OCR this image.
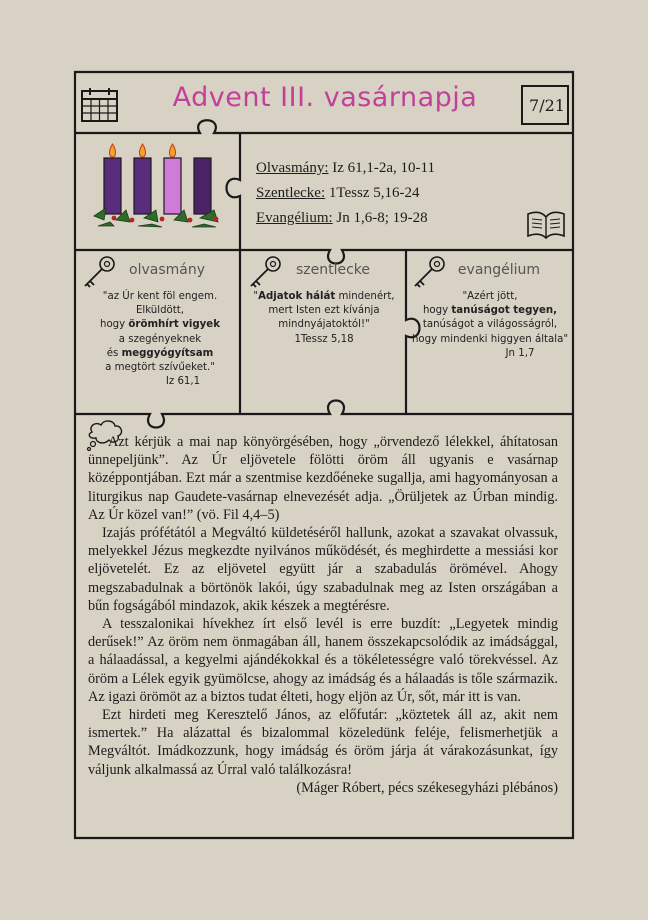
Advent III. vasárnapja	7/21
Olvasmány: Iz 61,1-2a, 10-11
Szentlecke: 1Tessz 5,16-24
Evangélium: Jn 1,6-8; 19-28
olvasmány	szentlecke	evangélium
"az Úr kent föl engem.
Elküldött,
hogy örömhírt vigyek
a szegényeknek
és meggyógyítsam
a megtört szívűeket."
Iz 61,1
"Adjatok hálát mindenért,
mert Isten ezt kívánja
mindnyájatoktól!"
1Tessz 5,18
"Azért jött,
hogy tanúságot tegyen,
tanúságot a világosságról,
hogy mindenki higgyen általa"
Jn 1,7

Azt kérjük a mai nap könyörgésében, hogy „örvendező lélekkel, áhítatosan ünnepeljünk”. Az Úr eljövetele fölötti öröm áll ugyanis e vasárnap középpontjában. Ezt már a szentmise kezdőéneke sugallja, ami hagyományosan a liturgikus nap Gaudete-vasárnap elnevezését adja. „Örüljetek az Úrban mindig. Az Úr közel van!” (vö. Fil 4,4–5)

Izajás prófétától a Megváltó küldetéséről hallunk, azokat a szavakat olvassuk, melyekkel Jézus megkezdte nyilvános működését, és meghirdette a messiási kor eljövetelét. Ez az eljövetel együtt jár a szabadulás örömével. Ahogy megszabadulnak a börtönök lakói, úgy szabadulnak meg az Isten országában a bűn fogságából mindazok, akik készek a megtérésre.

A tesszalonikai hívekhez írt első levél is erre buzdít: „Legyetek mindig derűsek!” Az öröm nem önmagában áll, hanem összekapcsolódik az imádsággal, a hálaadással, a kegyelmi ajándékokkal és a tökéletességre való törekvéssel. Az öröm a Lélek egyik gyümölcse, ahogy az imádság és a hálaadás is tőle származik. Az igazi örömöt az a biztos tudat élteti, hogy eljön az Úr, sőt, már itt is van.

Ezt hirdeti meg Keresztelő János, az előfutár: „köztetek áll az, akit nem ismertek.” Ha alázattal és bizalommal közeledünk feléje, felismerhetjük a Megváltót. Imádkozzunk, hogy imádság és öröm járja át várakozásunkat, így váljunk alkalmassá az Úrral való találkozásra!

(Máger Róbert, pécs székesegyházi plébános)
